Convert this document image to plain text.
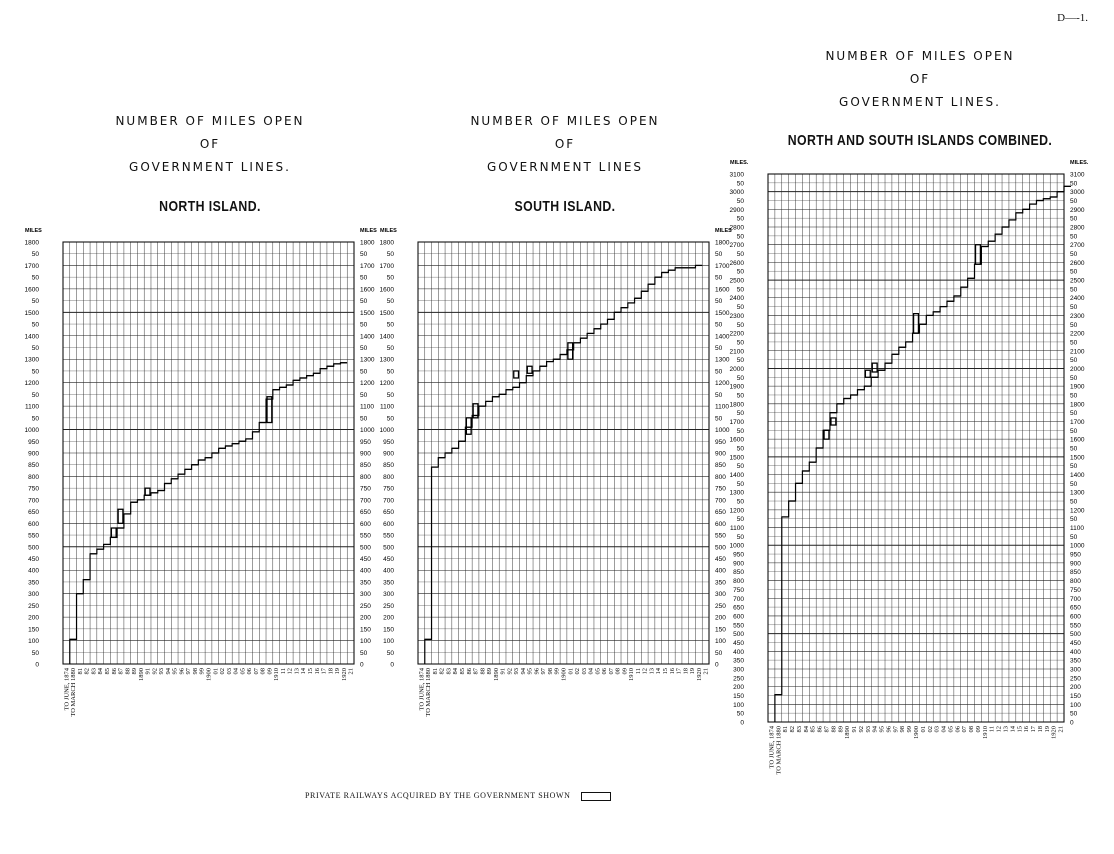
D—-1.
NUMBER OF MILES OPEN
OF
GOVERNMENT LINES.
NORTH ISLAND.
NUMBER OF MILES OPEN
OF
GOVERNMENT LINES
SOUTH ISLAND.
NUMBER OF MILES OPEN
OF
GOVERNMENT LINES.
NORTH AND SOUTH ISLANDS COMBINED.
0	0
50	50
100	100
150	150
200	200
250	250
300	300
350	350
400	400
450	450
500	500
550	550
600	600
650	650
700	700
750	750
800	800
850	850
900	900
950	950
1000	1000
50	50
1100	1100
50	50
1200	1200
50	50
1300	1300
50	50
1400	1400
50	50
1500	1500
50	50
1600	1600
50	50
1700	1700
50	50
1800	1800
MILES	MILES
TO JUNE, 1874 TO MARCH 1880 81 82 83 84 85 86 87 88 89 1890 91 92 93 94 95 96 97 98 99 1900 01 02 03 04 05 06 07 08 09 1910 11 12 13 14 15 16 17 18 19 1920 21
0	0
50	50
100	100
150	150
200	200
250	250
300	300
350	350
400	400
450	450
500	500
550	550
600	600
650	650
700	700
750	750
800	800
850	850
900	900
950	950
1000	1000
50	50
1100	1100
50	50
1200	1200
50	50
1300	1300
50	50
1400	1400
50	50
1500	1500
50	50
1600	1600
50	50
1700	1700
50	50
1800	1800
MILES	MILES
TO JUNE, 1874 TO MARCH 1880 81 82 83 84 85 86 87 88 89 1890 91 92 93 94 95 96 97 98 99 1900 01 02 03 04 05 06 07 08 09 1910 11 12 13 14 15 16 17 18 19 1920 21
0	0
50	50
100	100
150	150
200	200
250	250
300	300
350	350
400	400
450	450
500	500
550	550
600	600
650	650
700	700
750	750
800	800
850	850
900	900
950	950
1000	1000
50	50
1100	1100
50	50
1200	1200
50	50
1300	1300
50	50
1400	1400
50	50
1500	1500
50	50
1600	1600
50	50
1700	1700
50	50
1800	1800
50	50
1900	1900
50	50
2000	2000
50	50
2100	2100
50	50
2200	2200
50	50
2300	2300
50	50
2400	2400
50	50
2500	2500
50	50
2600	2600
50	50
2700	2700
50	50
2800	2800
50	50
2900	2900
50	50
3000	3000
50	50
3100	3100
MILES.	MILES.
TO JUNE, 1874 TO MARCH 1880 81 82 83 84 85 86 87 88 89 1890 91 92 93 94 95 96 97 98 99 1900 01 02 03 04 05 06 07 08 09 1910 11 12 13 14 15 16 17 18 19 1920 21
PRIVATE RAILWAYS ACQUIRED BY THE GOVERNMENT SHOWN
